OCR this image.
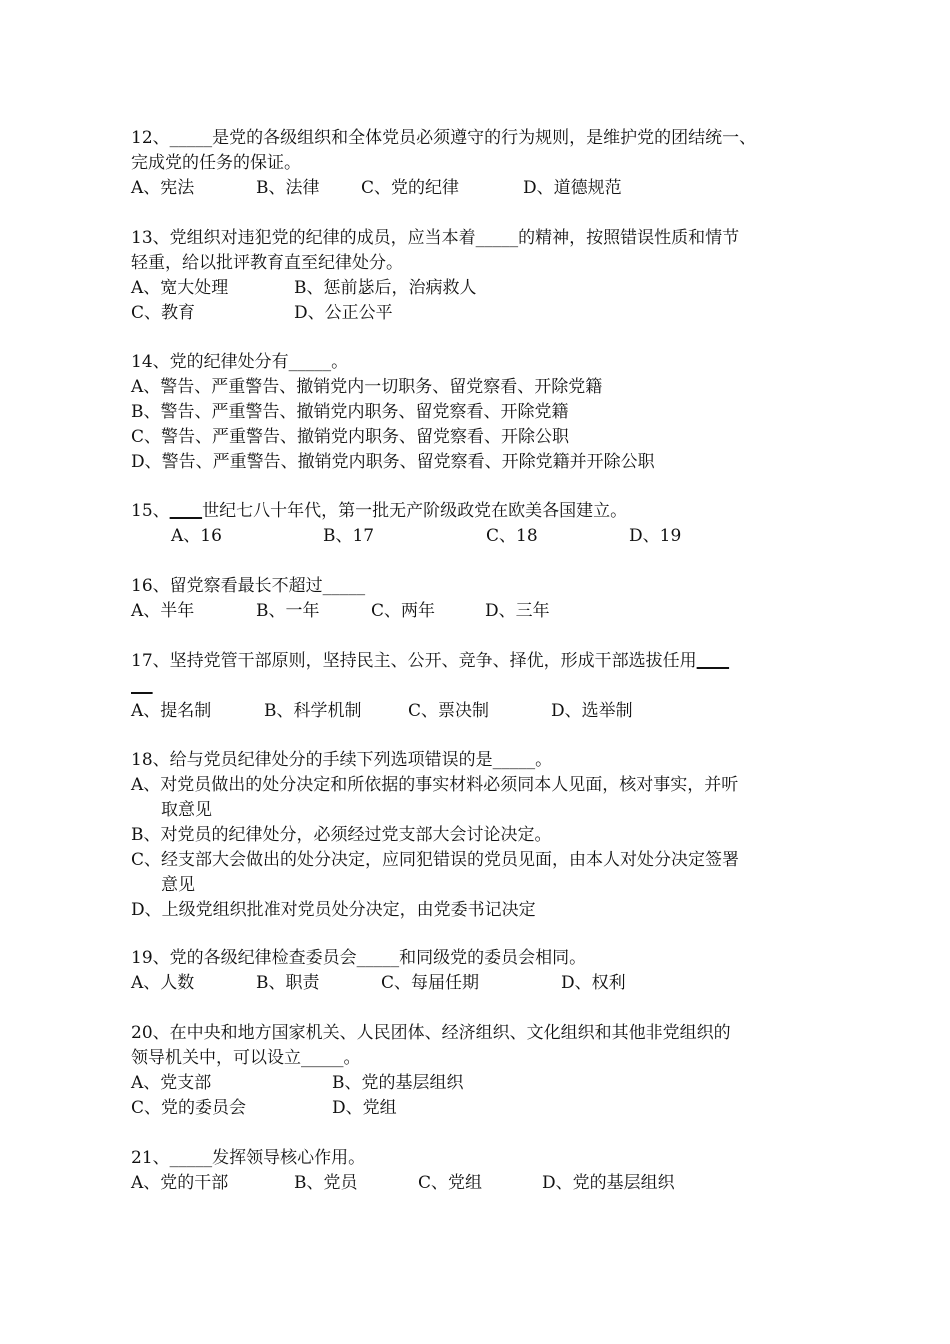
12、_____是党的各级组织和全体党员必须遵守的行为规则，是维护党的团结统一、
完成党的任务的保证。
A、宪法	B、法律 C、党的纪律	D、道德规范
13、党组织对违犯党的纪律的成员，应当本着_____的精神，按照错误性质和情节
轻重，给以批评教育直至纪律处分。
A、宽大处理	B、惩前毖后，治病救人
C、教育	D、公正公平
14、党的纪律处分有_____。
A、警告、严重警告、撤销党内一切职务、留党察看、开除党籍
B、警告、严重警告、撤销党内职务、留党察看、开除党籍
C、警告、严重警告、撤销党内职务、留党察看、开除公职
D、警告、严重警告、撤销党内职务、留党察看、开除党籍并开除公职
15、 世纪七八十年代，第一批无产阶级政党在欧美各国建立。
A、16	B、17	C、18	D、19
16、留党察看最长不超过_____
A、半年	B、一年	C、两年	D、三年
17、坚持党管干部原则，坚持民主、公开、竞争、择优，形成干部选拔任用

A、提名制	B、科学机制	C、票决制	D、选举制
18、给与党员纪律处分的手续下列选项错误的是_____。
A、对党员做出的处分决定和所依据的事实材料必须同本人见面，核对事实，并听
取意见
B、对党员的纪律处分，必须经过党支部大会讨论决定。
C、经支部大会做出的处分决定，应同犯错误的党员见面，由本人对处分决定签署
意见
D、上级党组织批准对党员处分决定，由党委书记决定
19、党的各级纪律检查委员会_____和同级党的委员会相同。
A、人数	B、职责	C、每届任期	D、权利
20、在中央和地方国家机关、人民团体、经济组织、文化组织和其他非党组织的
领导机关中，可以设立_____。
A、党支部	B、党的基层组织
C、党的委员会	D、党组
21、_____发挥领导核心作用。
A、党的干部	B、党员	C、党组	D、党的基层组织
